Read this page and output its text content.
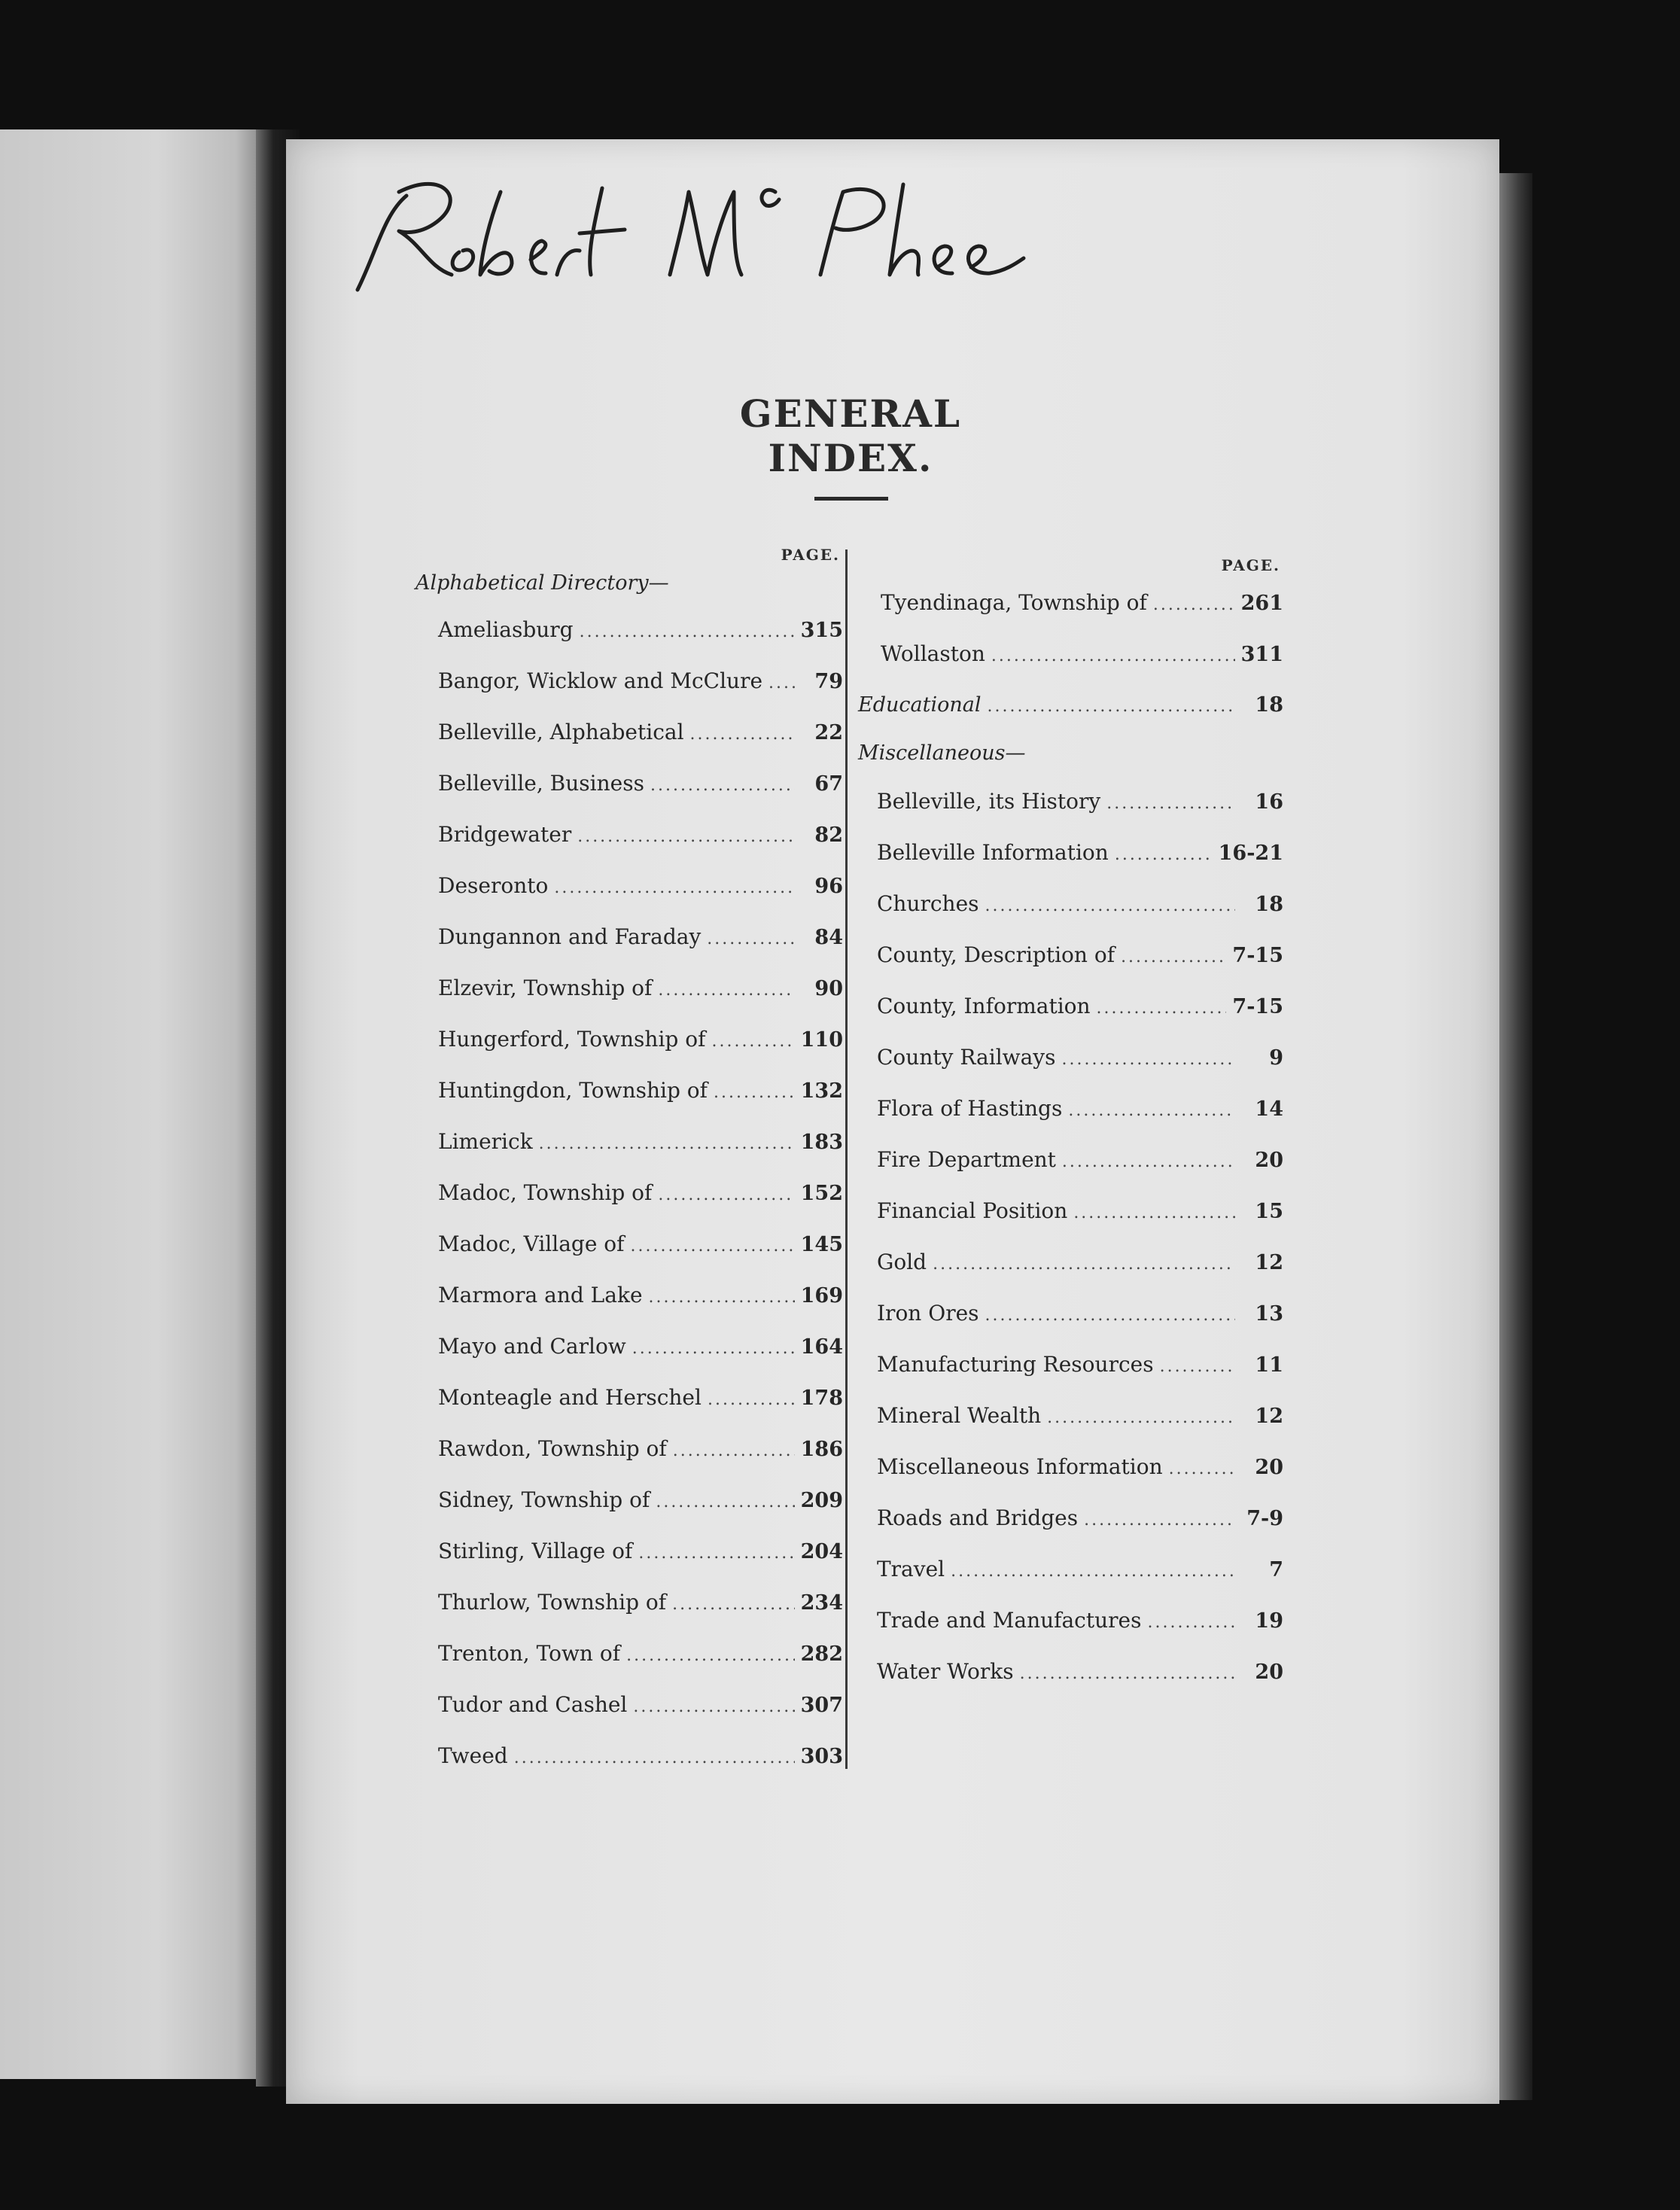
GENERAL INDEX.
PAGE.
Alphabetical Directory—
Ameliasburg .....	315
Bangor, Wicklow and McClure .....	79
Belleville, Alphabetical .....	22
Belleville, Business .....	67
Bridgewater .....	82
Deseronto .....	96
Dungannon and Faraday .....	84
Elzevir, Township of .....	90
Hungerford, Township of .....	110
Huntingdon, Township of .....	132
Limerick .....	183
Madoc, Township of .....	152
Madoc, Village of .....	145
Marmora and Lake .....	169
Mayo and Carlow .....	164
Monteagle and Herschel .....	178
Rawdon, Township of .....	186
Sidney, Township of .....	209
Stirling, Village of .....	204
Thurlow, Township of .....	234
Trenton, Town of .....	282
Tudor and Cashel .....	307
Tweed .....	303
PAGE.
Tyendinaga, Township of .....	261
Wollaston .....	311
Educational .....	18
Miscellaneous—
Belleville, its History .....	16
Belleville Information .....	16-21
Churches .....	18
County, Description of .....	7-15
County, Information .....	7-15
County Railways .....	9
Flora of Hastings .....	14
Fire Department .....	20
Financial Position .....	15
Gold .....	12
Iron Ores .....	13
Manufacturing Resources .....	11
Mineral Wealth .....	12
Miscellaneous Information .....	20
Roads and Bridges .....	7-9
Travel .....	7
Trade and Manufactures .....	19
Water Works .....	20
